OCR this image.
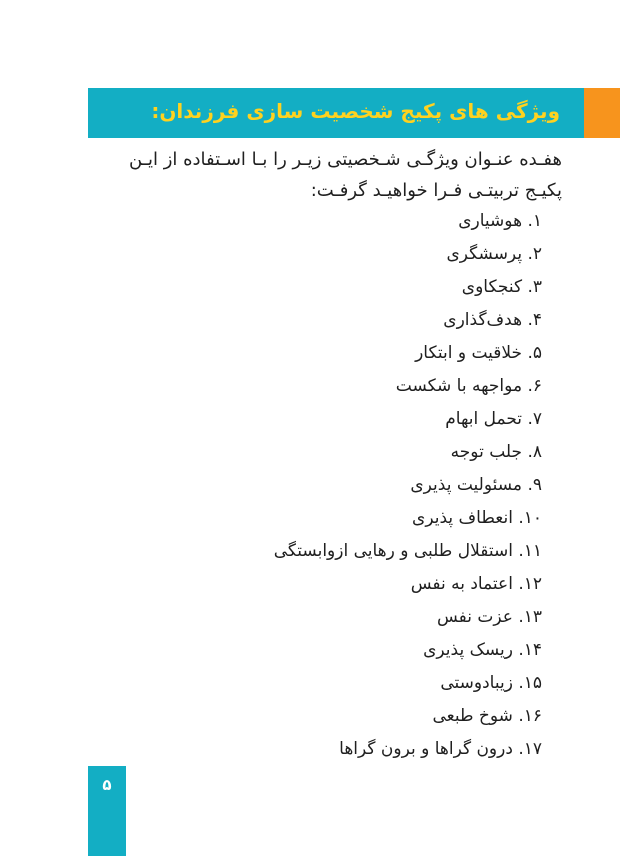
ویژگی های پکیج شخصیت سازی فرزندان:

هفـده عنـوان ویژگـی شـخصیتی زیـر را بـا اسـتفاده از ایـن پکیـج تربیتـی فـرا خواهیـد گرفـت:

۱. هوشیاری
۲. پرسشگری
۳. کنجکاوی
۴. هدف‌گذاری
۵. خلاقیت و ابتکار
۶. مواجهه با شکست
۷. تحمل ابهام
۸. جلب توجه
۹. مسئولیت پذیری
۱۰. انعطاف پذیری
۱۱. استقلال طلبی و رهایی ازوابستگی
۱۲. اعتماد به نفس
۱۳. عزت نفس
۱۴. ریسک پذیری
۱۵. زیبادوستی
۱۶. شوخ طبعی
۱۷. درون گراها و برون گراها
۵
